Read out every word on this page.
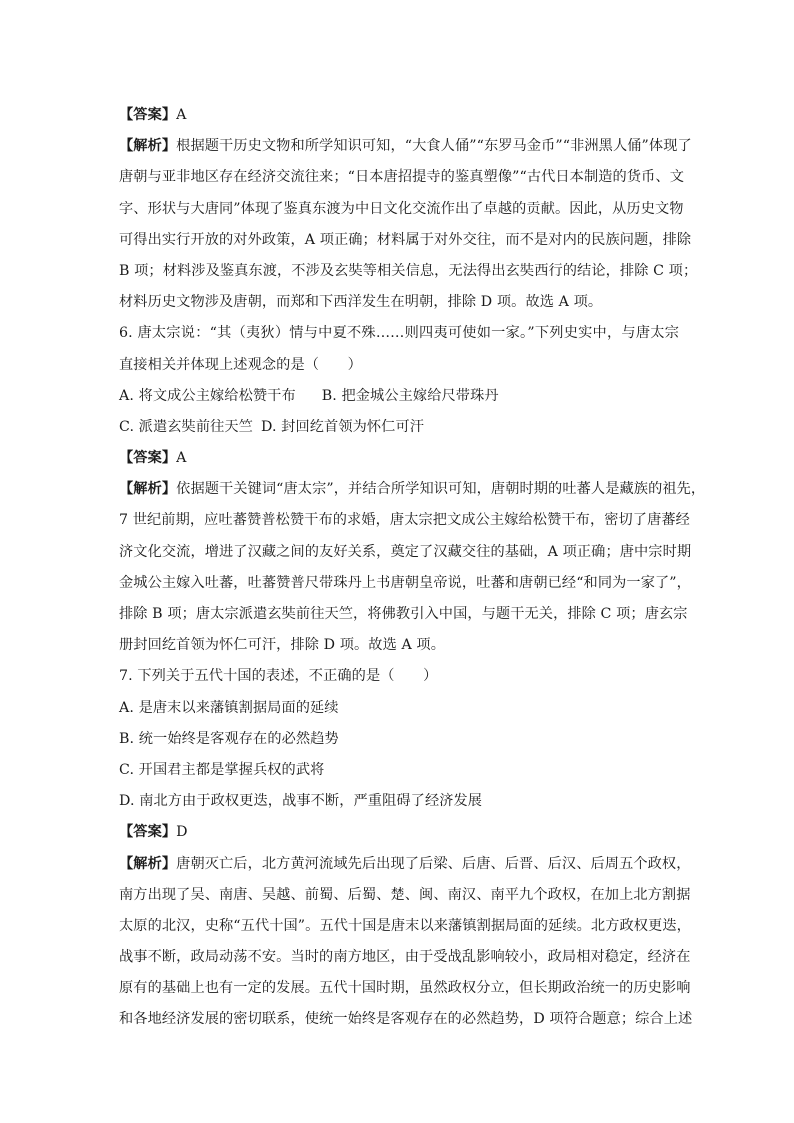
【答案】A
【解析】根据题干历史文物和所学知识可知，“大食人俑”“东罗马金币”“非洲黑人俑”体现了
唐朝与亚非地区存在经济交流往来；“日本唐招提寺的鉴真塑像”“古代日本制造的货币、文
字、形状与大唐同”体现了鉴真东渡为中日文化交流作出了卓越的贡献。因此，从历史文物
可得出实行开放的对外政策，A 项正确；材料属于对外交往，而不是对内的民族问题，排除
B 项；材料涉及鉴真东渡，不涉及玄奘等相关信息，无法得出玄奘西行的结论，排除 C 项；
材料历史文物涉及唐朝，而郑和下西洋发生在明朝，排除 D 项。故选 A 项。
6. 唐太宗说：“其（夷狄）情与中夏不殊……则四夷可使如一家。”下列史实中，与唐太宗
直接相关并体现上述观念的是（　　）
A. 将文成公主嫁给松赞干布 B. 把金城公主嫁给尺带珠丹
C. 派遣玄奘前往天竺 D. 封回纥首领为怀仁可汗
【答案】A
【解析】依据题干关键词“唐太宗”，并结合所学知识可知，唐朝时期的吐蕃人是藏族的祖先，
7 世纪前期，应吐蕃赞普松赞干布的求婚，唐太宗把文成公主嫁给松赞干布，密切了唐蕃经
济文化交流，增进了汉藏之间的友好关系，奠定了汉藏交往的基础，A 项正确；唐中宗时期
金城公主嫁入吐蕃，吐蕃赞普尺带珠丹上书唐朝皇帝说，吐蕃和唐朝已经“和同为一家了”，
排除 B 项；唐太宗派遣玄奘前往天竺，将佛教引入中国，与题干无关，排除 C 项；唐玄宗
册封回纥首领为怀仁可汗，排除 D 项。故选 A 项。
7. 下列关于五代十国的表述，不正确的是（　　）
A. 是唐末以来藩镇割据局面的延续
B. 统一始终是客观存在的必然趋势
C. 开国君主都是掌握兵权的武将
D. 南北方由于政权更迭，战事不断，严重阻碍了经济发展
【答案】D
【解析】唐朝灭亡后，北方黄河流域先后出现了后梁、后唐、后晋、后汉、后周五个政权，
南方出现了吴、南唐、吴越、前蜀、后蜀、楚、闽、南汉、南平九个政权，在加上北方割据
太原的北汉，史称“五代十国”。五代十国是唐末以来藩镇割据局面的延续。北方政权更迭，
战事不断，政局动荡不安。当时的南方地区，由于受战乱影响较小，政局相对稳定，经济在
原有的基础上也有一定的发展。五代十国时期，虽然政权分立，但长期政治统一的历史影响
和各地经济发展的密切联系，使统一始终是客观存在的必然趋势，D 项符合题意；综合上述
